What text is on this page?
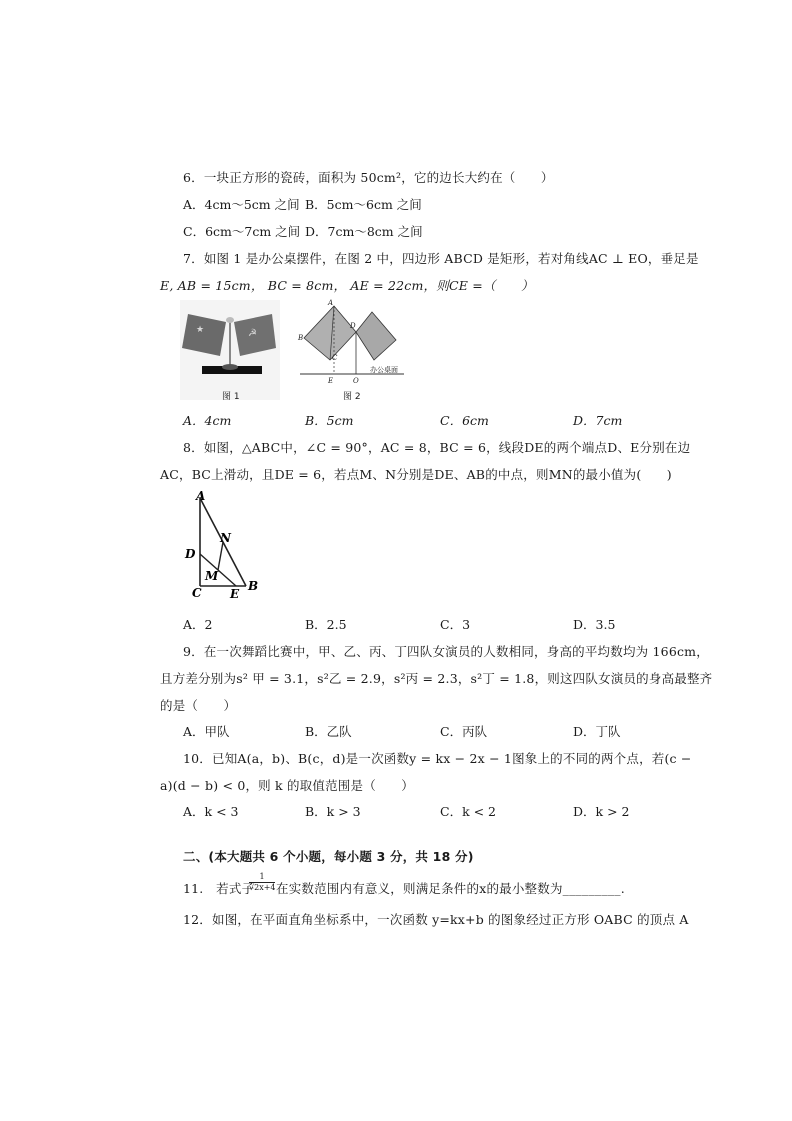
6．一块正方形的瓷砖，面积为 50cm²，它的边长大约在（　　）
A．4cm～5cm 之间 B．5cm～6cm 之间
C．6cm～7cm 之间 D．7cm～8cm 之间
7．如图 1 是办公桌摆件，在图 2 中，四边形 ABCD 是矩形，若对角线AC ⊥ EO，垂足是
E, AB = 15cm， BC = 8cm， AE = 22cm，则CE =（　　）
★	☭
图 1
A
B
C
D
E	O
办公桌面
图 2
A．4cm	B．5cm	C．6cm	D．7cm
8．如图，△ABC中，∠C = 90°，AC = 8，BC = 6，线段DE的两个端点D、E分别在边
AC，BC上滑动，且DE = 6，若点M、N分别是DE、AB的中点，则MN的最小值为(　　)
A
N
D
M
C E
B
A．2	B．2.5	C．3	D．3.5
9．在一次舞蹈比赛中，甲、乙、丙、丁四队女演员的人数相同，身高的平均数均为 166cm，
且方差分别为s² 甲 = 3.1，s²乙 = 2.9，s²丙 = 2.3，s²丁 = 1.8，则这四队女演员的身高最整齐
的是（　　）
A．甲队	B．乙队	C．丙队	D．丁队
10．已知A(a，b)、B(c，d)是一次函数y = kx − 2x − 1图象上的不同的两个点，若(c −
a)(d − b) < 0，则 k 的取值范围是（　　）
A．k < 3	B．k > 3	C．k < 2	D．k > 2
二、(本大题共 6 个小题，每小题 3 分，共 18 分)
11.　若式子
$\frac{1}{√2x+4}$ 在实数范围内有意义，则满足条件的x的最小整数为_________.
12．如图，在平面直角坐标系中，一次函数 y=kx+b 的图象经过正方形 OABC 的顶点 A
